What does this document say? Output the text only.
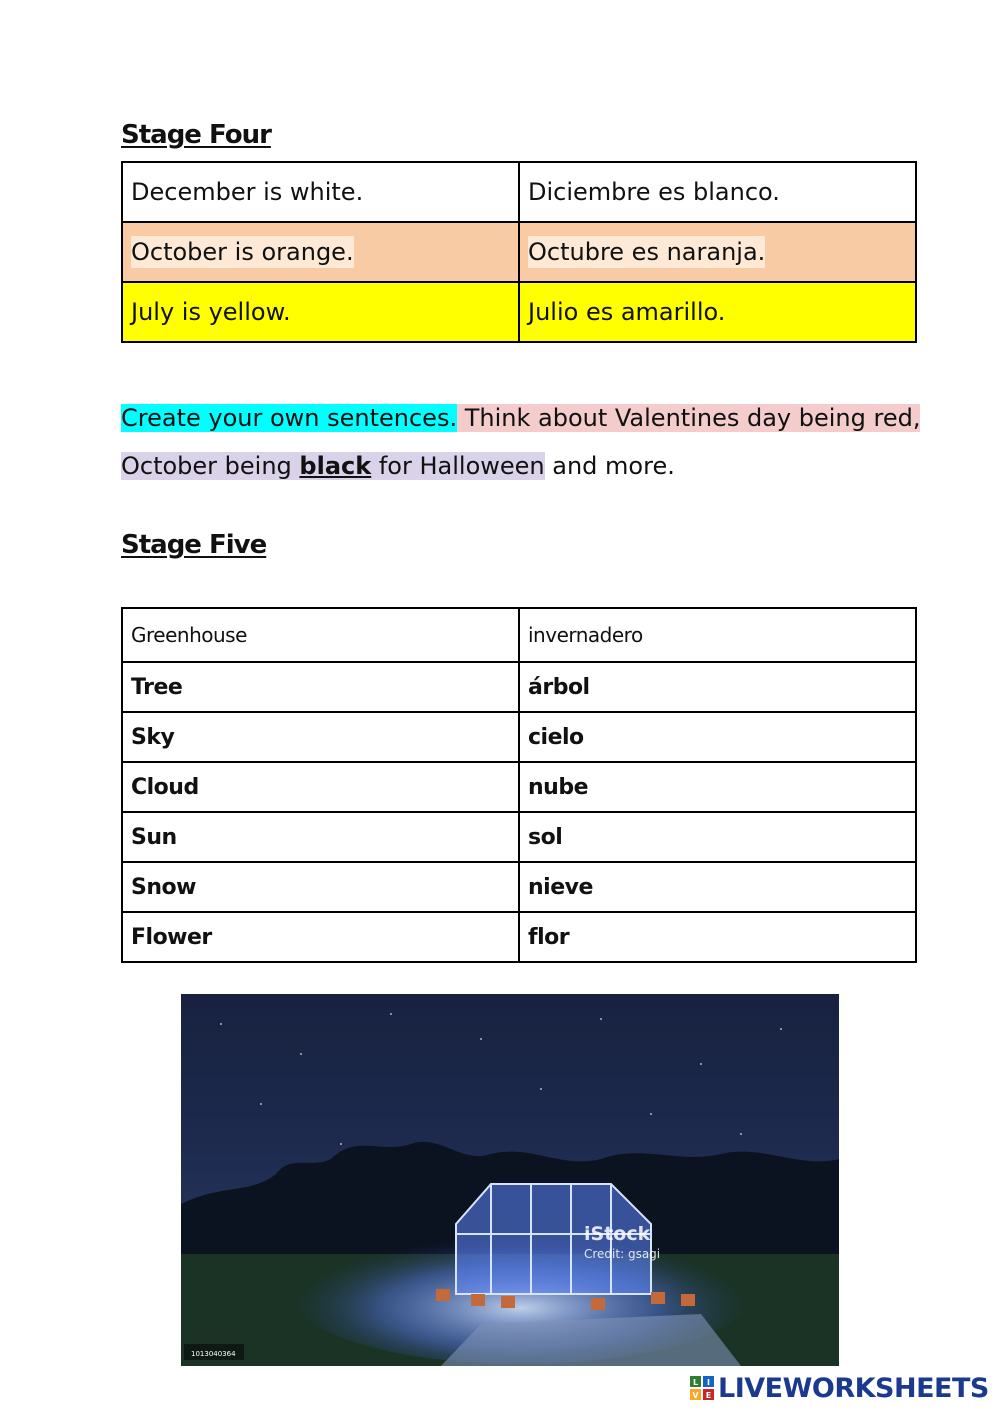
Stage Four
December is white.	Diciembre es blanco.
October is orange.	Octubre es naranja.
July is yellow.	Julio es amarillo.
Create your own sentences. Think about Valentines day being red,
October being black for Halloween and more.
Stage Five
Greenhouse	invernadero
Tree	árbol
Sky	cielo
Cloud	nube
Sun	sol
Snow	nieve
Flower	flor
1013040364
iStock
Credit: gsagi
L I
V E LIVEWORKSHEETS
